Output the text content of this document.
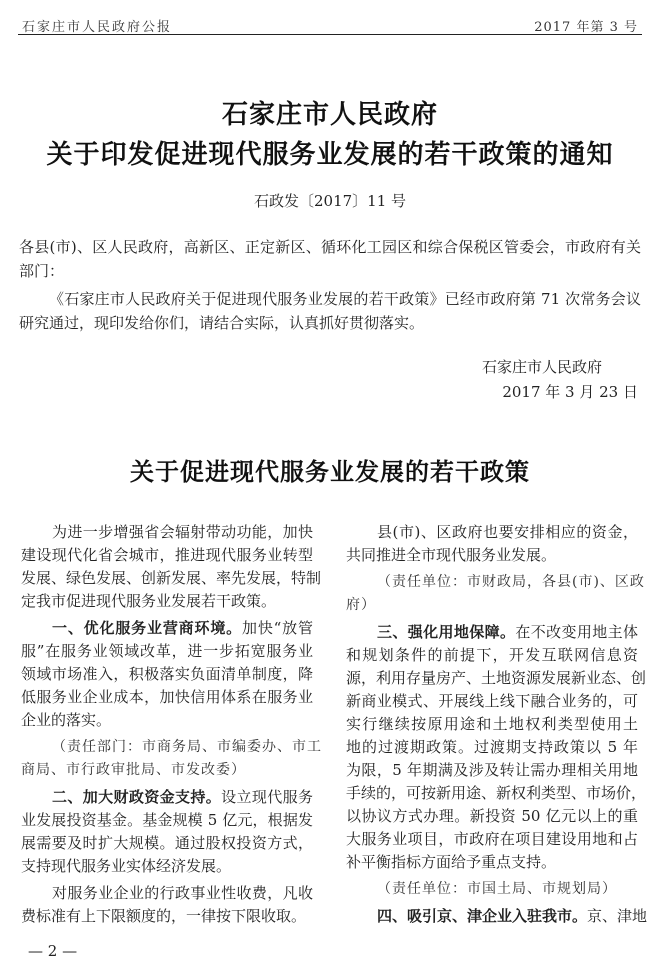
石家庄市人民政府公报	2017 年第 3 号
石家庄市人民政府
关于印发促进现代服务业发展的若干政策的通知
石政发〔2017〕11 号
各县(市)、区人民政府，高新区、正定新区、循环化工园区和综合保税区管委会，市政府有关部门：
《石家庄市人民政府关于促进现代服务业发展的若干政策》已经市政府第 71 次常务会议研究通过，现印发给你们，请结合实际，认真抓好贯彻落实。
石家庄市人民政府
2017 年 3 月 23 日
关于促进现代服务业发展的若干政策
为进一步增强省会辐射带动功能，加快
建设现代化省会城市，推进现代服务业转型
发展、绿色发展、创新发展、率先发展，特制
定我市促进现代服务业发展若干政策。
一、优化服务业营商环境。加快“放管
服”在服务业领域改革，进一步拓宽服务业
领域市场准入，积极落实负面清单制度，降
低服务业企业成本，加快信用体系在服务业
企业的落实。
（责任部门：市商务局、市编委办、市工
商局、市行政审批局、市发改委）
二、加大财政资金支持。设立现代服务
业发展投资基金。基金规模 5 亿元，根据发
展需要及时扩大规模。通过股权投资方式，
支持现代服务业实体经济发展。
对服务业企业的行政事业性收费，凡收
费标准有上下限额度的，一律按下限收取。
县(市)、区政府也要安排相应的资金，
共同推进全市现代服务业发展。
（责任单位：市财政局，各县(市)、区政
府）
三、强化用地保障。在不改变用地主体
和规划条件的前提下，开发互联网信息资
源，利用存量房产、土地资源发展新业态、创
新商业模式、开展线上线下融合业务的，可
实行继续按原用途和土地权利类型使用土
地的过渡期政策。过渡期支持政策以 5 年
为限，5 年期满及涉及转让需办理相关用地
手续的，可按新用途、新权利类型、市场价，
以协议方式办理。新投资 50 亿元以上的重
大服务业项目，市政府在项目建设用地和占
补平衡指标方面给予重点支持。
（责任单位：市国土局、市规划局）
四、吸引京、津企业入驻我市。京、津地
— 2 —
